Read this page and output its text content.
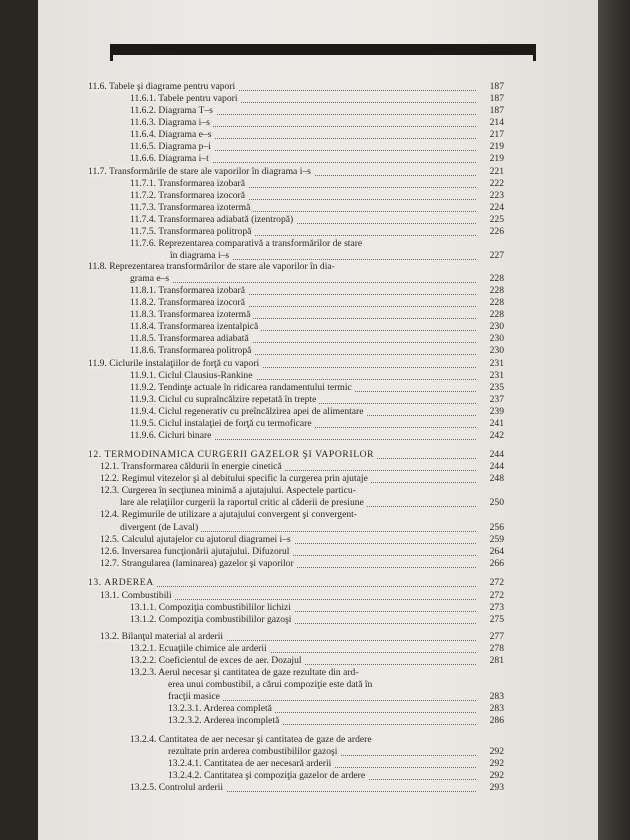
11.6. Tabele şi diagrame pentru vapori	187
11.6.1. Tabele pentru vapori	187
11.6.2. Diagrama T–s	187
11.6.3. Diagrama i–s	214
11.6.4. Diagrama e–s	217
11.6.5. Diagrama p–i	219
11.6.6. Diagrama i–t	219
11.7. Transformările de stare ale vaporilor în diagrama i–s	221
11.7.1. Transformarea izobară	222
11.7.2. Transformarea izocoră	223
11.7.3. Transformarea izotermă	224
11.7.4. Transformarea adiabată (izentropă)	225
11.7.5. Transformarea politropă	226
11.7.6. Reprezentarea comparativă a transformărilor de stare
în diagrama i–s	227
11.8. Reprezentarea transformărilor de stare ale vaporilor în dia-
grama e–s	228
11.8.1. Transformarea izobară	228
11.8.2. Transformarea izocoră	228
11.8.3. Transformarea izotermă	228
11.8.4. Transformarea izentalpică	230
11.8.5. Transformarea adiabată	230
11.8.6. Transformarea politropă	230
11.9. Ciclurile instalaţiilor de forţă cu vapori	231
11.9.1. Ciclul Clausius-Rankine	231
11.9.2. Tendinţe actuale în ridicarea randamentului termic	235
11.9.3. Ciclul cu supraîncălzire repetată în trepte	237
11.9.4. Ciclul regenerativ cu preîncălzirea apei de alimentare	239
11.9.5. Ciclul instalaţiei de forţă cu termoficare	241
11.9.6. Cicluri binare	242
12. TERMODINAMICA CURGERII GAZELOR ŞI VAPORILOR	244
12.1. Transformarea căldurii în energie cinetică	244
12.2. Regimul vitezelor şi al debitului specific la curgerea prin ajutaje	248
12.3. Curgerea în secţiunea minimă a ajutajului. Aspectele particu-
lare ale relaţiilor curgerii la raportul critic al căderii de presiune	250
12.4. Regimurile de utilizare a ajutajului convergent şi convergent-
divergent (de Laval)	256
12.5. Calculul ajutajelor cu ajutorul diagramei i–s	259
12.6. Inversarea funcţionării ajutajului. Difuzorul	264
12.7. Strangularea (laminarea) gazelor şi vaporilor	266
13. ARDEREA	272
13.1. Combustibili	272
13.1.1. Compoziţia combustibililor lichizi	273
13.1.2. Compoziţia combustibililor gazoşi	275
13.2. Bilanţul material al arderii	277
13.2.1. Ecuaţiile chimice ale arderii	278
13.2.2. Coeficientul de exces de aer. Dozajul	281
13.2.3. Aerul necesar şi cantitatea de gaze rezultate din ard-
erea unui combustibil, a cărui compoziţie este dată în
fracţii masice	283
13.2.3.1. Arderea completă	283
13.2.3.2. Arderea incompletă	286
13.2.4. Cantitatea de aer necesar şi cantitatea de gaze de ardere
rezultate prin arderea combustibililor gazoşi	292
13.2.4.1. Cantitatea de aer necesară arderii	292
13.2.4.2. Cantitatea şi compoziţia gazelor de ardere	292
13.2.5. Controlul arderii	293
